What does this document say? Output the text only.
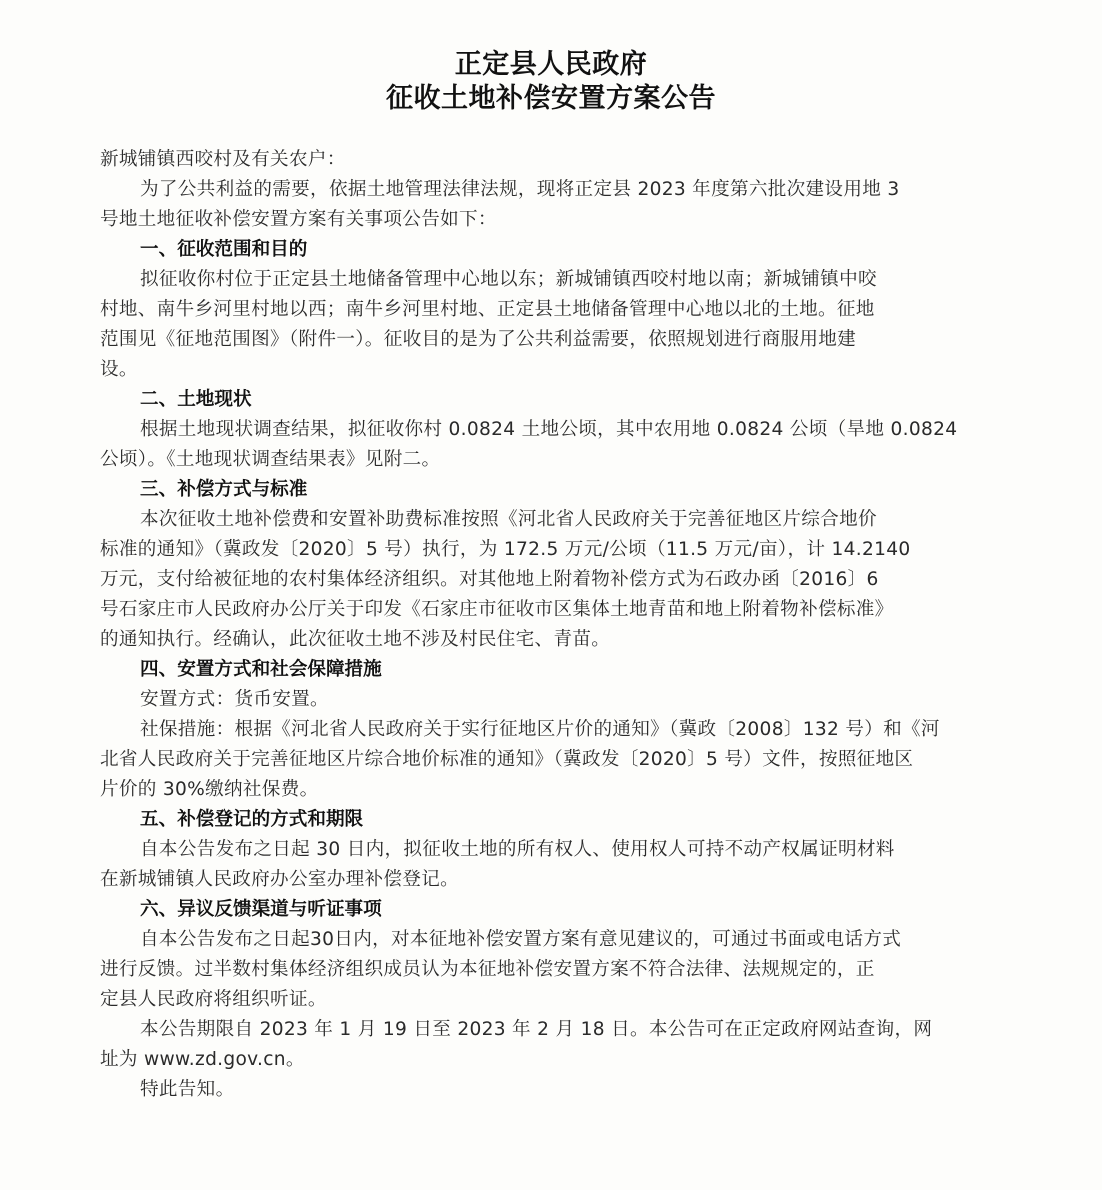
正定县人民政府
征收土地补偿安置方案公告

新城铺镇西咬村及有关农户：

为了公共利益的需要，依据土地管理法律法规，现将正定县 2023 年度第六批次建设用地 3

号地土地征收补偿安置方案有关事项公告如下：

一、征收范围和目的

拟征收你村位于正定县土地储备管理中心地以东；新城铺镇西咬村地以南；新城铺镇中咬

村地、南牛乡河里村地以西；南牛乡河里村地、正定县土地储备管理中心地以北的土地。征地

范围见《征地范围图》（附件一）。征收目的是为了公共利益需要，依照规划进行商服用地建

设。

二、土地现状

根据土地现状调查结果，拟征收你村 0.0824 土地公顷，其中农用地 0.0824 公顷（旱地 0.0824

公顷）。《土地现状调查结果表》见附二。

三、补偿方式与标准

本次征收土地补偿费和安置补助费标准按照《河北省人民政府关于完善征地区片综合地价

标准的通知》（冀政发〔2020〕5 号）执行，为 172.5 万元/公顷（11.5 万元/亩），计 14.2140

万元，支付给被征地的农村集体经济组织。对其他地上附着物补偿方式为石政办函〔2016〕6

号石家庄市人民政府办公厅关于印发《石家庄市征收市区集体土地青苗和地上附着物补偿标准》

的通知执行。经确认，此次征收土地不涉及村民住宅、青苗。

四、安置方式和社会保障措施

安置方式：货币安置。

社保措施：根据《河北省人民政府关于实行征地区片价的通知》（冀政〔2008〕132 号）和《河

北省人民政府关于完善征地区片综合地价标准的通知》（冀政发〔2020〕5 号）文件，按照征地区

片价的 30%缴纳社保费。

五、补偿登记的方式和期限

自本公告发布之日起 30 日内，拟征收土地的所有权人、使用权人可持不动产权属证明材料

在新城铺镇人民政府办公室办理补偿登记。

六、异议反馈渠道与听证事项

自本公告发布之日起30日内，对本征地补偿安置方案有意见建议的，可通过书面或电话方式

进行反馈。过半数村集体经济组织成员认为本征地补偿安置方案不符合法律、法规规定的，正

定县人民政府将组织听证。

本公告期限自 2023 年 1 月 19 日至 2023 年 2 月 18 日。本公告可在正定政府网站查询，网

址为 www.zd.gov.cn。

特此告知。
